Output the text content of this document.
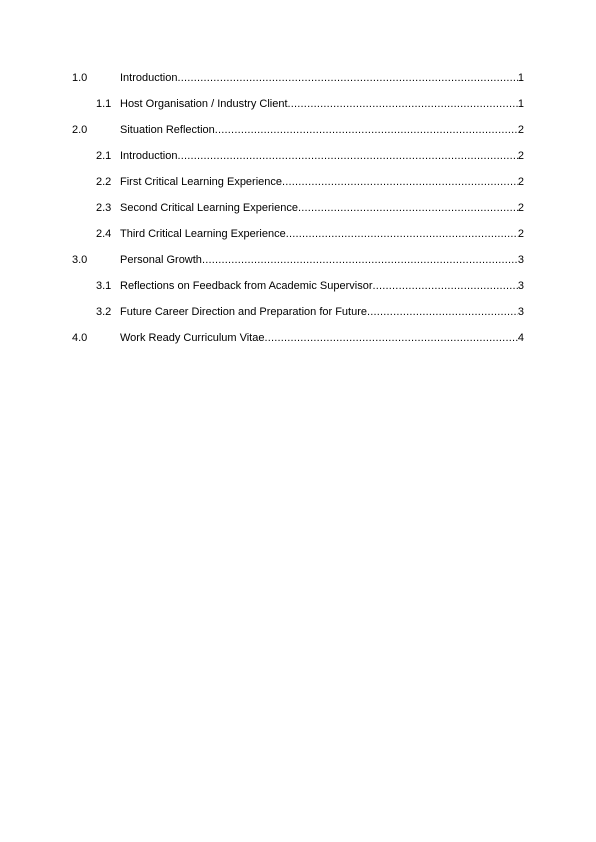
1.0	Introduction .....	1
1.1 Host Organisation / Industry Client .....	1
2.0	Situation Reflection .....	2
2.1 Introduction .....	2
2.2 First Critical Learning Experience .....	2
2.3 Second Critical Learning Experience .....	2
2.4 Third Critical Learning Experience .....	2
3.0	Personal Growth .....	3
3.1 Reflections on Feedback from Academic Supervisor .....	3
3.2 Future Career Direction and Preparation for Future .....	3
4.0	Work Ready Curriculum Vitae .....	4
